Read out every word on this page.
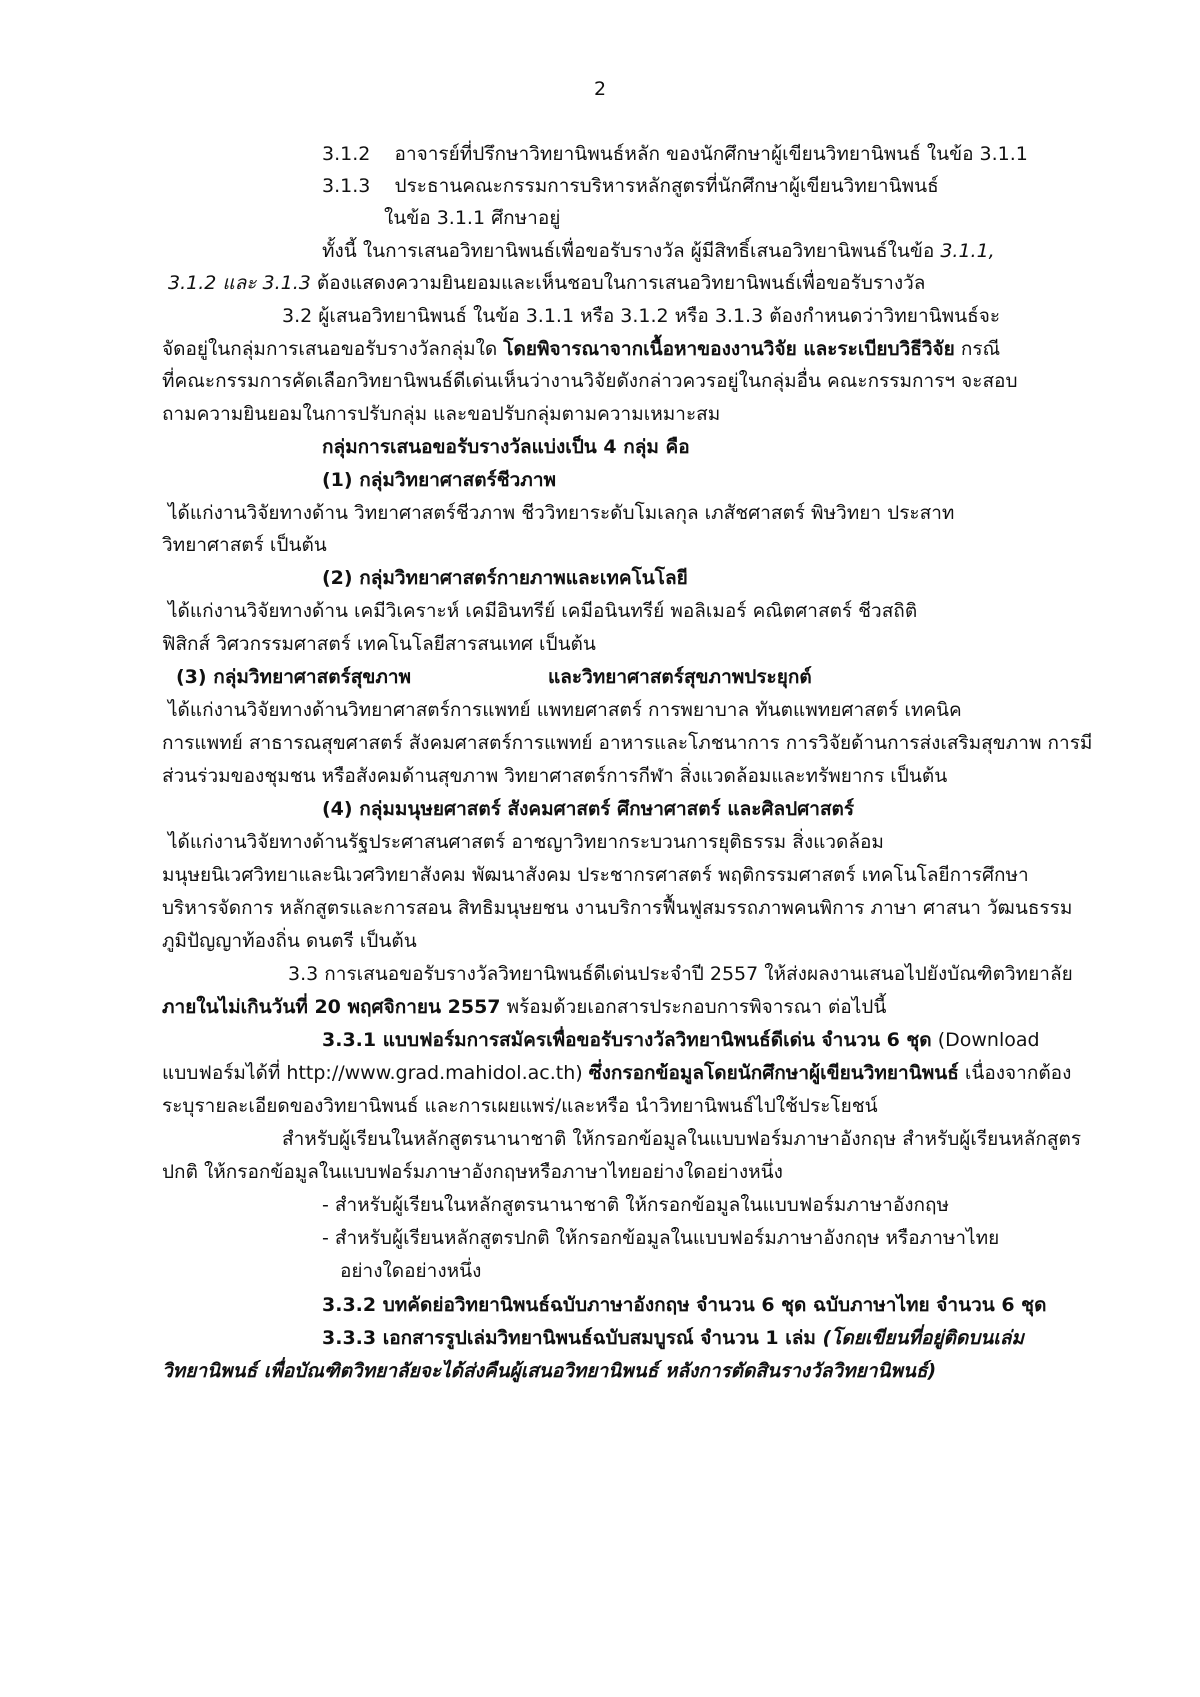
2
3.1.2 อาจารย์ที่ปรึกษาวิทยานิพนธ์หลัก ของนักศึกษาผู้เขียนวิทยานิพนธ์ ในข้อ 3.1.1
3.1.3 ประธานคณะกรรมการบริหารหลักสูตรที่นักศึกษาผู้เขียนวิทยานิพนธ์
ในข้อ 3.1.1 ศึกษาอยู่
ทั้งนี้ ในการเสนอวิทยานิพนธ์เพื่อขอรับรางวัล ผู้มีสิทธิ์เสนอวิทยานิพนธ์ในข้อ 3.1.1,
3.1.2 และ 3.1.3 ต้องแสดงความยินยอมและเห็นชอบในการเสนอวิทยานิพนธ์เพื่อขอรับรางวัล
3.2 ผู้เสนอวิทยานิพนธ์ ในข้อ 3.1.1 หรือ 3.1.2 หรือ 3.1.3 ต้องกำหนดว่าวิทยานิพนธ์จะ
จัดอยู่ในกลุ่มการเสนอขอรับรางวัลกลุ่มใด โดยพิจารณาจากเนื้อหาของงานวิจัย และระเบียบวิธีวิจัย กรณี
ที่คณะกรรมการคัดเลือกวิทยานิพนธ์ดีเด่นเห็นว่างานวิจัยดังกล่าวควรอยู่ในกลุ่มอื่น คณะกรรมการฯ จะสอบ
ถามความยินยอมในการปรับกลุ่ม และขอปรับกลุ่มตามความเหมาะสม
กลุ่มการเสนอขอรับรางวัลแบ่งเป็น 4 กลุ่ม คือ
(1) กลุ่มวิทยาศาสตร์ชีวภาพ
ได้แก่งานวิจัยทางด้าน วิทยาศาสตร์ชีวภาพ ชีววิทยาระดับโมเลกุล เภสัชศาสตร์ พิษวิทยา ประสาท
วิทยาศาสตร์ เป็นต้น
(2) กลุ่มวิทยาศาสตร์กายภาพและเทคโนโลยี
ได้แก่งานวิจัยทางด้าน เคมีวิเคราะห์ เคมีอินทรีย์ เคมีอนินทรีย์ พอลิเมอร์ คณิตศาสตร์ ชีวสถิติ
ฟิสิกส์ วิศวกรรมศาสตร์ เทคโนโลยีสารสนเทศ เป็นต้น
(3) กลุ่มวิทยาศาสตร์สุขภาพ	และวิทยาศาสตร์สุขภาพประยุกต์
ได้แก่งานวิจัยทางด้านวิทยาศาสตร์การแพทย์ แพทยศาสตร์ การพยาบาล ทันตแพทยศาสตร์ เทคนิค
การแพทย์ สาธารณสุขศาสตร์ สังคมศาสตร์การแพทย์ อาหารและโภชนาการ การวิจัยด้านการส่งเสริมสุขภาพ การมี
ส่วนร่วมของชุมชน หรือสังคมด้านสุขภาพ วิทยาศาสตร์การกีฬา สิ่งแวดล้อมและทรัพยากร เป็นต้น
(4) กลุ่มมนุษยศาสตร์ สังคมศาสตร์ ศึกษาศาสตร์ และศิลปศาสตร์
ได้แก่งานวิจัยทางด้านรัฐประศาสนศาสตร์ อาชญาวิทยากระบวนการยุติธรรม สิ่งแวดล้อม
มนุษยนิเวศวิทยาและนิเวศวิทยาสังคม พัฒนาสังคม ประชากรศาสตร์ พฤติกรรมศาสตร์ เทคโนโลยีการศึกษา
บริหารจัดการ หลักสูตรและการสอน สิทธิมนุษยชน งานบริการฟื้นฟูสมรรถภาพคนพิการ ภาษา ศาสนา วัฒนธรรม
ภูมิปัญญาท้องถิ่น ดนตรี เป็นต้น
3.3 การเสนอขอรับรางวัลวิทยานิพนธ์ดีเด่นประจำปี 2557 ให้ส่งผลงานเสนอไปยังบัณฑิตวิทยาลัย
ภายในไม่เกินวันที่ 20 พฤศจิกายน 2557 พร้อมด้วยเอกสารประกอบการพิจารณา ต่อไปนี้
3.3.1 แบบฟอร์มการสมัครเพื่อขอรับรางวัลวิทยานิพนธ์ดีเด่น จำนวน 6 ชุด (Download
แบบฟอร์มได้ที่ http://www.grad.mahidol.ac.th) ซึ่งกรอกข้อมูลโดยนักศึกษาผู้เขียนวิทยานิพนธ์ เนื่องจากต้อง
ระบุรายละเอียดของวิทยานิพนธ์ และการเผยแพร่/และหรือ นำวิทยานิพนธ์ไปใช้ประโยชน์
สำหรับผู้เรียนในหลักสูตรนานาชาติ ให้กรอกข้อมูลในแบบฟอร์มภาษาอังกฤษ สำหรับผู้เรียนหลักสูตร
ปกติ ให้กรอกข้อมูลในแบบฟอร์มภาษาอังกฤษหรือภาษาไทยอย่างใดอย่างหนึ่ง
- สำหรับผู้เรียนในหลักสูตรนานาชาติ ให้กรอกข้อมูลในแบบฟอร์มภาษาอังกฤษ
- สำหรับผู้เรียนหลักสูตรปกติ ให้กรอกข้อมูลในแบบฟอร์มภาษาอังกฤษ หรือภาษาไทย
อย่างใดอย่างหนึ่ง
3.3.2 บทคัดย่อวิทยานิพนธ์ฉบับภาษาอังกฤษ จำนวน 6 ชุด ฉบับภาษาไทย จำนวน 6 ชุด
3.3.3 เอกสารรูปเล่มวิทยานิพนธ์ฉบับสมบูรณ์ จำนวน 1 เล่ม (โดยเขียนที่อยู่ติดบนเล่ม
วิทยานิพนธ์ เพื่อบัณฑิตวิทยาลัยจะได้ส่งคืนผู้เสนอวิทยานิพนธ์ หลังการตัดสินรางวัลวิทยานิพนธ์)
